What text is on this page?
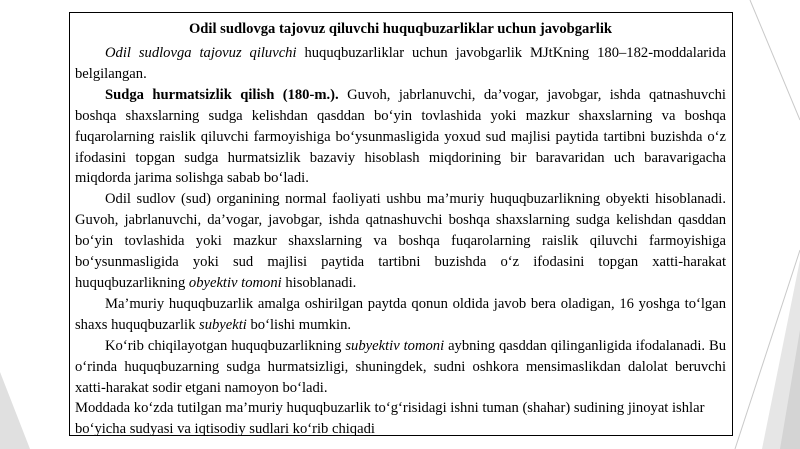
Odil sudlovga tajovuz qiluvchi huquqbuzarliklar uchun javobgarlik

Odil sudlovga tajovuz qiluvchi huquqbuzarliklar uchun javobgarlik MJtKning 180–182-moddalarida belgilangan.

Sudga hurmatsizlik qilish (180-m.). Guvoh, jabrlanuvchi, da’vogar, javobgar, ishda qatnashuvchi boshqa shaxslarning sudga kelishdan qasddan bo‘yin tovlashida yoki mazkur shaxslarning va boshqa fuqarolarning raislik qiluvchi farmoyishiga bo‘ysunmasligida yoxud sud majlisi paytida tartibni buzishda o‘z ifodasini topgan sudga hurmatsizlik bazaviy hisoblash miqdorining bir baravaridan uch baravarigacha miqdorda jarima solishga sabab bo‘ladi.

Odil sudlov (sud) organining normal faoliyati ushbu ma’muriy huquqbuzarlikning obyekti hisoblanadi. Guvoh, jabrlanuvchi, da’vogar, javobgar, ishda qatnashuvchi boshqa shaxslarning sudga kelishdan qasddan bo‘yin tovlashida yoki mazkur shaxslarning va boshqa fuqarolarning raislik qiluvchi farmoyishiga bo‘ysunmasligida yoki sud majlisi paytida tartibni buzishda o‘z ifodasini topgan xatti-harakat huquqbuzarlikning obyektiv tomoni hisoblanadi.

Ma’muriy huquqbuzarlik amalga oshirilgan paytda qonun oldida javob bera oladigan, 16 yoshga to‘lgan shaxs huquqbuzarlik subyekti bo‘lishi mumkin.

Ko‘rib chiqilayotgan huquqbuzarlikning subyektiv tomoni aybning qasddan qilinganligida ifodalanadi. Bu o‘rinda huquqbuzarning sudga hurmatsizligi, shuningdek, sudni oshkora mensimaslikdan dalolat beruvchi xatti-harakat sodir etgani namoyon bo‘ladi.

Moddada ko‘zda tutilgan ma’muriy huquqbuzarlik to‘g‘risidagi ishni tuman (shahar) sudining jinoyat ishlar bo‘yicha sudyasi va iqtisodiy sudlari ko‘rib chiqadi
